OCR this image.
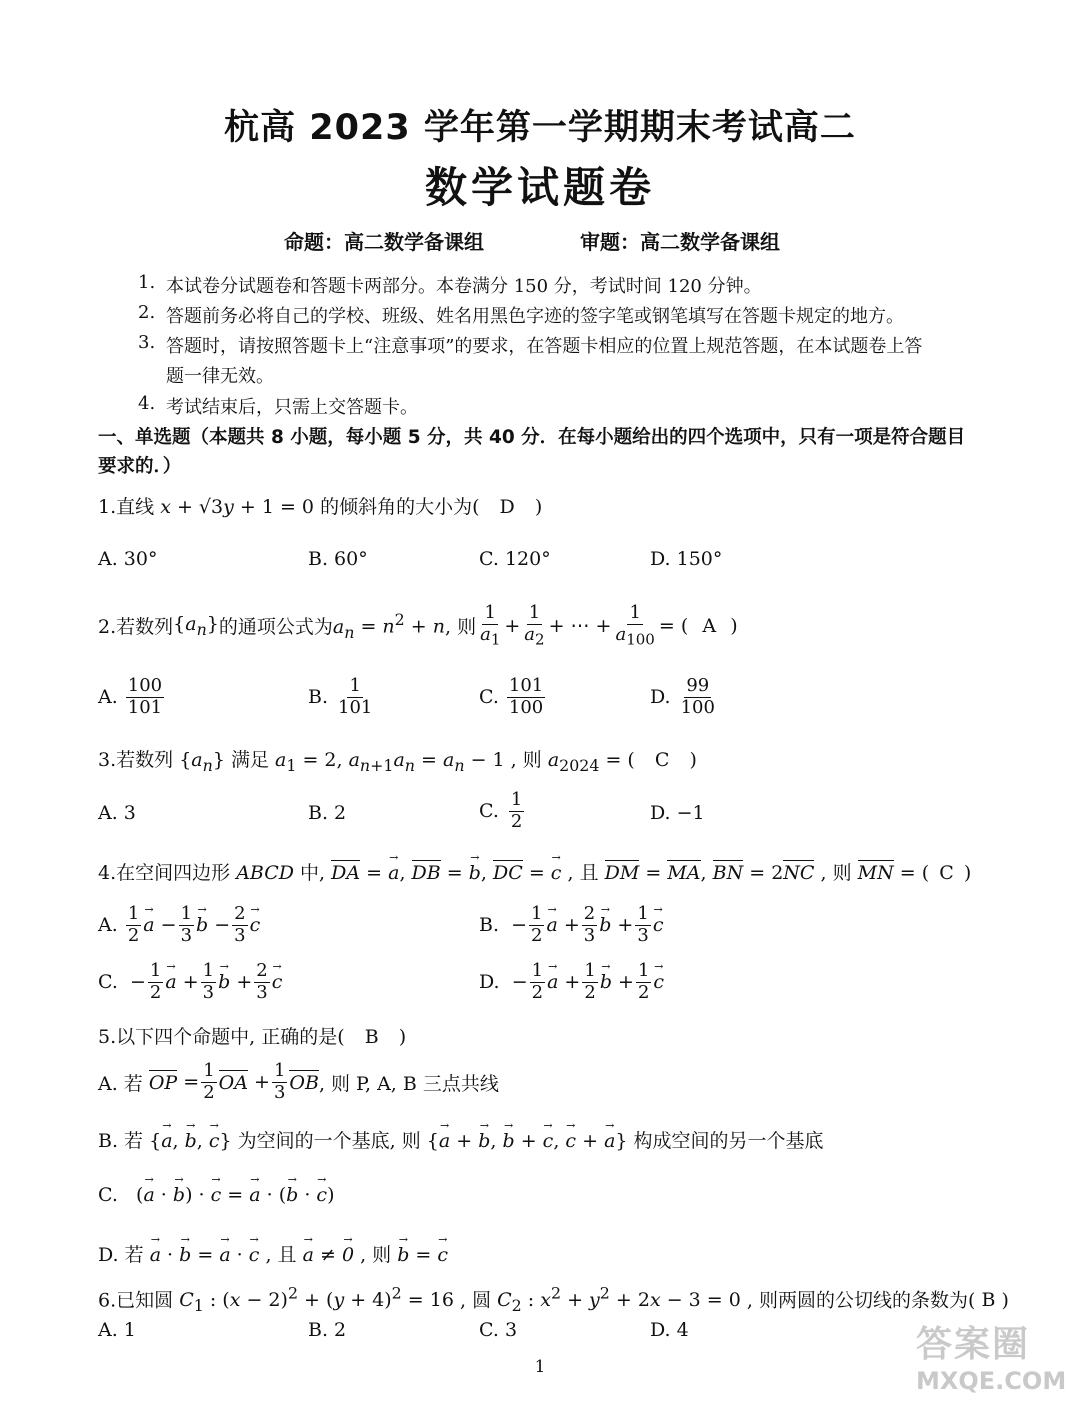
杭高 2023 学年第一学期期末考试高二
数学试题卷
命题：高二数学备课组	审题：高二数学备课组
1. 本试卷分试题卷和答题卡两部分。本卷满分 150 分，考试时间 120 分钟。
2. 答题前务必将自己的学校、班级、姓名用黑色字迹的签字笔或钢笔填写在答题卡规定的地方。
3. 答题时，请按照答题卡上“注意事项”的要求，在答题卡相应的位置上规范答题，在本试题卷上答
题一律无效。
4. 考试结束后，只需上交答题卡。
一、单选题（本题共 8 小题，每小题 5 分，共 40 分．在每小题给出的四个选项中，只有一项是符合题目
要求的．）
1.直线 x + √3y + 1 = 0 的倾斜角的大小为( D )
A. 30°	B. 60°	C. 120°	D. 150°
2.若数列 $\{a_n\}$ 的通项公式为 $a_n = n^2 + n$ , 则 $\frac{1}{a_1} + \frac{1}{a_2}$ + ⋯ + $\frac{1}{a_{100}}$ = ( A )
A. $\frac{100}{101}$	B. $\frac{1}{101}$	C. $\frac{101}{100}$	D. $\frac{99}{100}$
3.若数列 $\{a_n\}$ 满足 $a_1 = 2$, $a_{n+1}a_n = a_n - 1$ , 则 $a_{2024}$ = ( C )
A. 3	B. 2	C. $\frac{1}{2}$	D. −1
4.在空间四边形 ABCD 中, DA = → a, DB = → b, DC = → c , 且 DM = MA, BN = 2NC , 则 MN = ( C )
A.
$\frac{1}{2}$
→ $a - \frac{1}{3}$
→ $b - \frac{2}{3}$
→ c	B. − $\frac{1}{2}$
→ $a + \frac{2}{3}$
→ $b + \frac{1}{3}$
→ c
C. − $\frac{1}{2}$
→ $a + \frac{1}{3}$
→ $b + \frac{2}{3}$
→ c	D. − $\frac{1}{2}$
→ $a + \frac{1}{2}$
→ $b + \frac{1}{2}$
→ c
5.以下四个命题中, 正确的是( B )
A. 若
OP = $\frac{1}{2}$ OA + $\frac{1}{3}$ OB , 则 P, A, B 三点共线
B. 若 {→ a, → b, → c} 为空间的一个基底, 则 {→ a + → b, → b + → c, → c + → a} 构成空间的另一个基底
C.   (→ a · → b) · → c = → a · (→ b · → c)
D. 若 → a · → b = → a · → c , 且 → a ≠ → 0 , 则 → b = → c
6.已知圆 $C_1$ : $(x - 2)^2 + (y + 4)^2 = 16$ , 圆 $C_2$ : $x^2 + y^2 + 2x - 3 = 0$ , 则两圆的公切线的条数为( B )
A. 1	B. 2	C. 3	D. 4
1
答案圈
MXQE.COM
